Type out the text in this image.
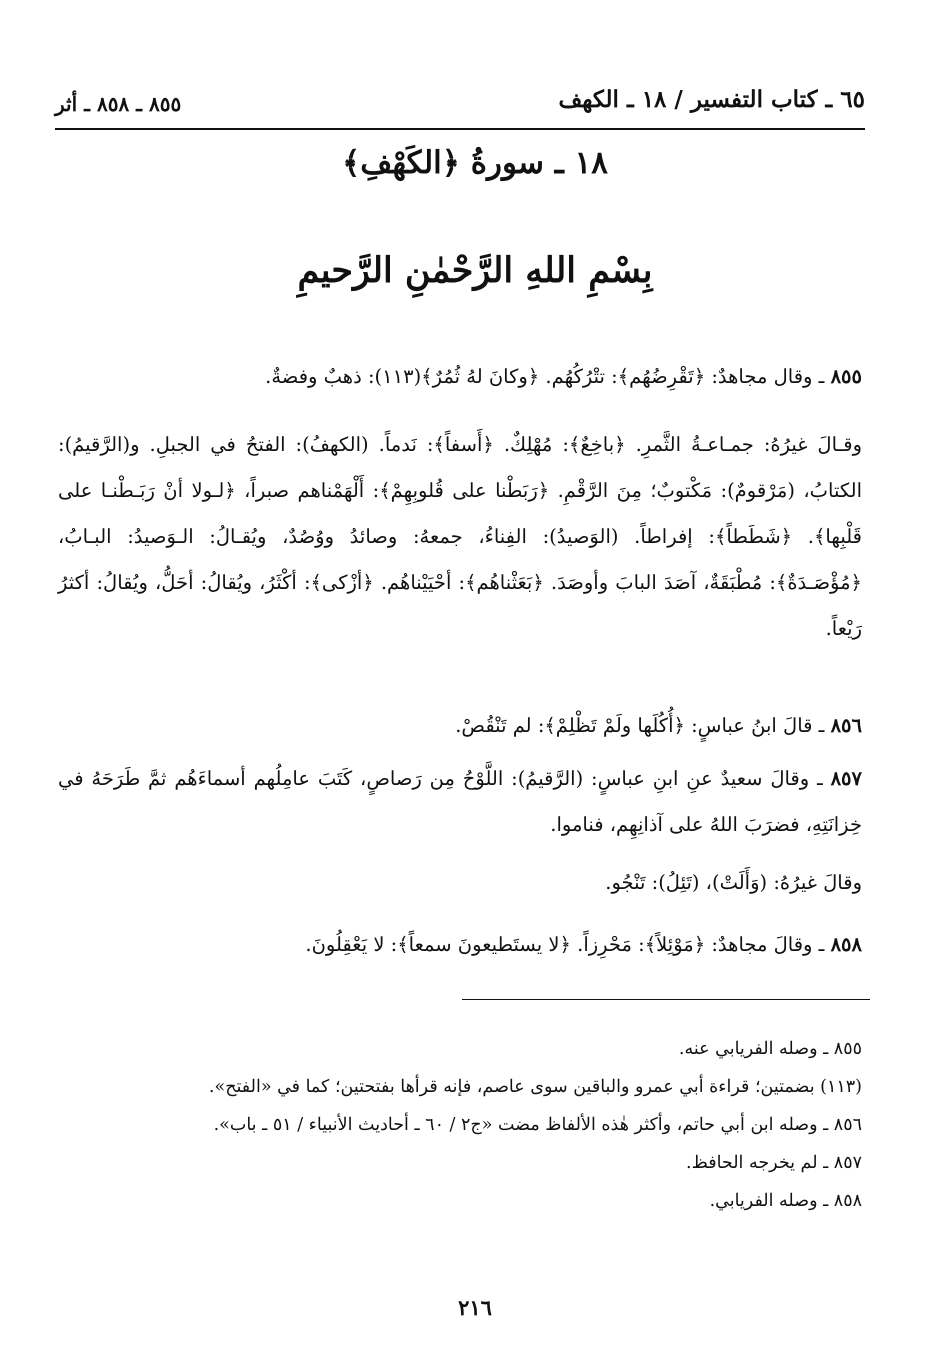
٦٥ ـ كتاب التفسير / ١٨ ـ الكهف
٨٥٥ ـ ٨٥٨ ـ أثر
١٨ ـ سورةُ ﴿الكَهْفِ﴾
بِسْمِ اللهِ الرَّحْمٰنِ الرَّحيمِ

٨٥٥ ـ وقال مجاهدٌ: ﴿تَقْرِضُهُم﴾: تتْرُكُهُم. ﴿وكانَ لهُ ثُمُرٌ﴾(١١٣): ذهبٌ وفضةٌ.

وقـالَ غيرُهُ: جمـاعـةُ الثَّمرِ. ﴿باخِعٌ﴾: مُهْلِكٌ. ﴿أَسفاً﴾: نَدماً. (الكهفُ): الفتحُ في الجبلِ. و(الرَّقيمُ): الكتابُ، (مَرْقومٌ): مَكْتوبٌ؛ مِنَ الرَّقْمِ. ﴿رَبَطْنا على قُلوبِهِمْ﴾: أَلْهَمْناهم صبراً، ﴿لـولا أنْ رَبَـطْنـا على قَلْبِها﴾. ﴿شَطَطاً﴾: إفراطاً. (الوَصيدُ): الفِناءُ، جمعهُ: وصائدُ ووُصُدٌ، ويُقـالُ: الـوَصيدُ: البـابُ، ﴿مُؤْصَـدَةٌ﴾: مُطْبَقَةٌ، آصَدَ البابَ وأوصَدَ. ﴿بَعَثْناهُم﴾: أحْيَيْناهُم. ﴿أزْكى﴾: أكْثَرُ، ويُقالُ: أحَلُّ، ويُقالُ: أكثرُ رَيْعاً.

٨٥٦ ـ قالَ ابنُ عباسٍ: ﴿أُكُلَها ولَمْ تَظْلِمْ﴾: لم تَنْقُصْ.

٨٥٧ ـ وقالَ سعيدٌ عنِ ابنِ عباسٍ: (الرَّقيمُ): اللَّوْحُ مِن رَصاصٍ، كَتَبَ عامِلُهم أسماءَهُم ثمَّ طَرَحَهُ في خِزانَتِهِ، فضرَبَ اللهُ على آذانِهِم، فناموا.

وقالَ غيرُهُ: (وَأَلَتْ)، (تَئِلُ): تَنْجُو.

٨٥٨ ـ وقالَ مجاهدٌ: ﴿مَوْئِلاً﴾: مَحْرِزاً. ﴿لا يستَطيعونَ سمعاً﴾: لا يَعْقِلُونَ.

٨٥٥ ـ وصله الفريابي عنه.

(١١٣) بضمتين؛ قراءة أبي عمرو والباقين سوى عاصم، فإنه قرأها بفتحتين؛ كما في «الفتح».

٨٥٦ ـ وصله ابن أبي حاتم، وأكثر هٰذه الألفاظ مضت «ج٢ / ٦٠ ـ أحاديث الأنبياء / ٥١ ـ باب».

٨٥٧ ـ لم يخرجه الحافظ.

٨٥٨ ـ وصله الفريابي.

٢١٦
